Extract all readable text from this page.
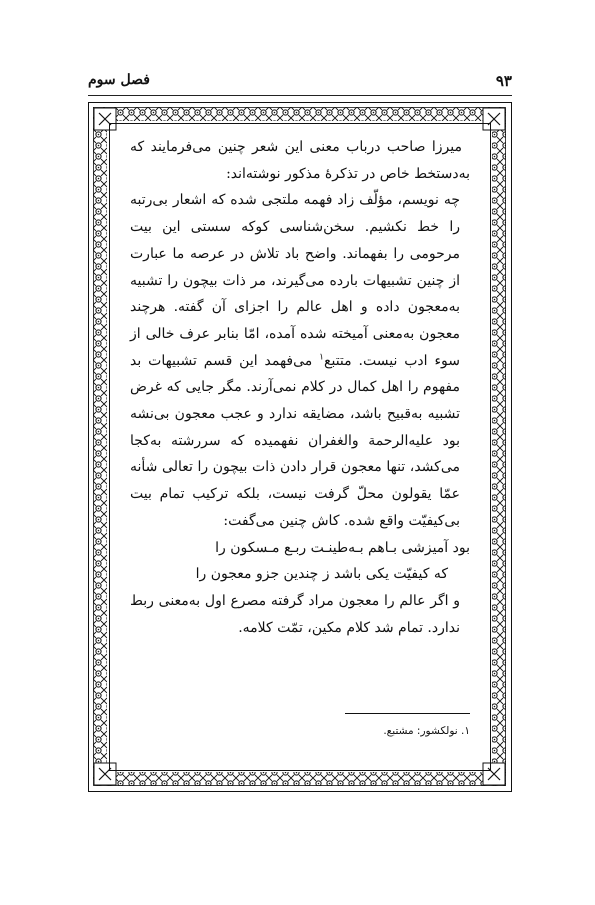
۹۳
فصل سوم

میرزا صاحب درباب معنی این شعر چنین می‌فرمایند که به‌دستخط خاص در تذکرهٔ مذکور نوشته‌اند:

چه نویسم، مؤلّف زاد فهمه ملتجی شده که اشعار بی‌رتبه را خط نکشیم. سخن‌شناسی کوکه سستی این بیت مرحومی را بفهماند. واضح باد تلاش در عرصه ما عبارت از چنین تشبیهات بارده می‌گیرند، مر ذات بیچون را تشبیه به‌معجون داده و اهل عالم را اجزای آن گفته. هرچند معجون به‌معنی آمیخته شده آمده، امّا بنابر عرف خالی از سوء ادب نیست. متتبع$^۱$ می‌فهمد این قسم تشبیهات بد مفهوم را اهل کمال در کلام نمی‌آرند. مگر جایی که غرض تشبیه به‌قبیح باشد، مضایقه ندارد و عجب معجون بی‌نشه بود علیه‌الرحمة والغفران نفهمیده که سررشته به‌کجا می‌کشد، تنها معجون قرار دادن ذات بیچون را تعالی شأنه عمّا یقولون محلّ گرفت نیست، بلکه ترکیب تمام بیت بی‌کیفیّت واقع شده. کاش چنین می‌گفت:

بود آمیزشی بـاهم بـه‌طینـت ربـع مـسکون را

که کیفیّت یکی باشد ز چندین جزو معجون را

و اگر عالم را معجون مراد گرفته مصرع اول به‌معنی ربط ندارد. تمام شد کلام مکین، تمّت کلامه.

۱. نولکشور: مشتبع.
